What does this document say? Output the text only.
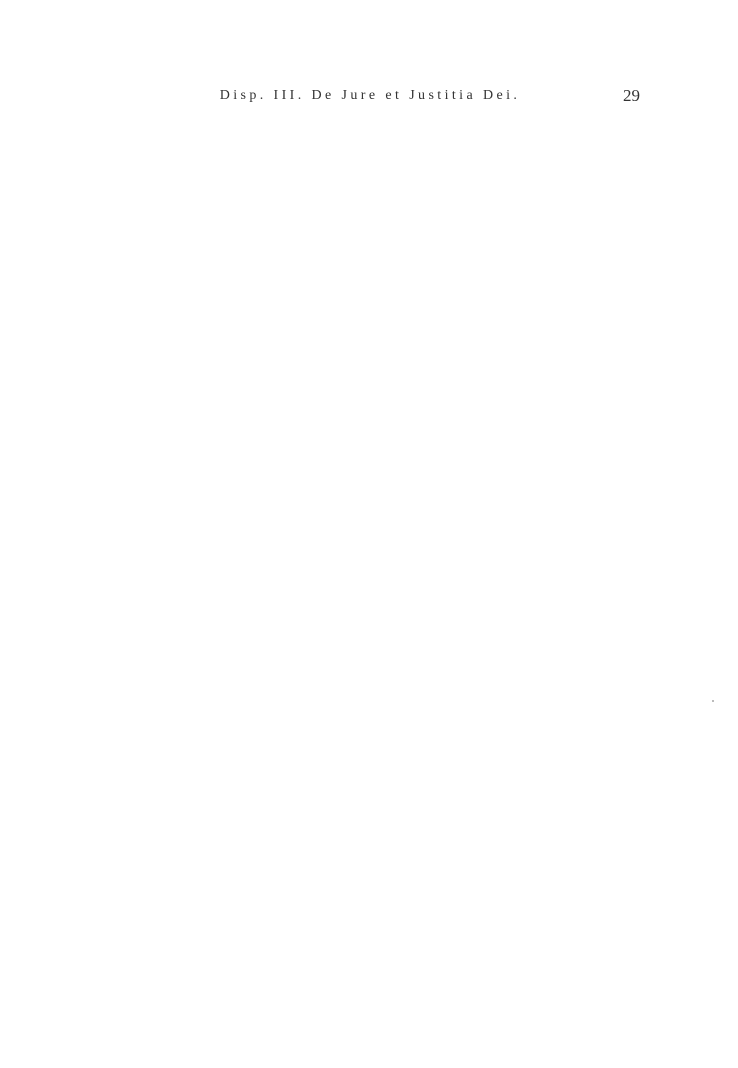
Disp. III. De Jure et Justitia Dei.	29
